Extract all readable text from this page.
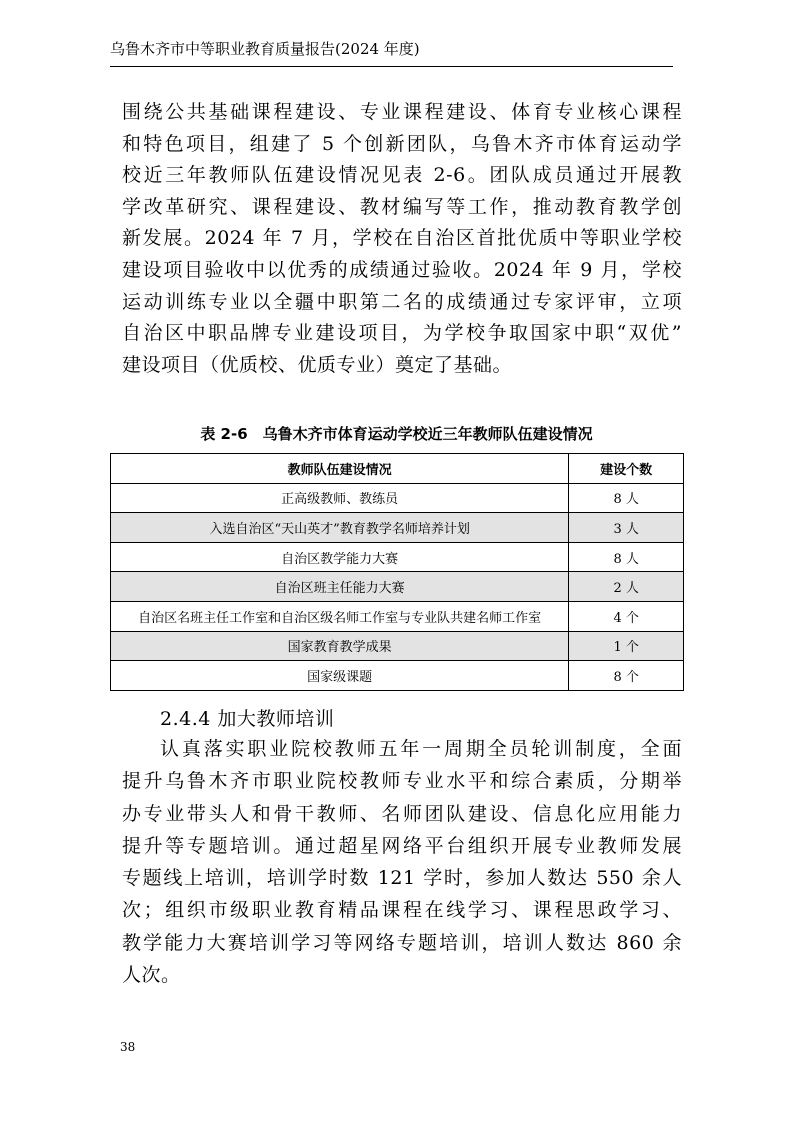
乌鲁木齐市中等职业教育质量报告(2024 年度)
围绕公共基础课程建设、专业课程建设、体育专业核心课程
和特色项目，组建了 5 个创新团队，乌鲁木齐市体育运动学
校近三年教师队伍建设情况见表 2-6。团队成员通过开展教
学改革研究、课程建设、教材编写等工作，推动教育教学创
新发展。2024 年 7 月，学校在自治区首批优质中等职业学校
建设项目验收中以优秀的成绩通过验收。2024 年 9 月，学校
运动训练专业以全疆中职第二名的成绩通过专家评审，立项
自治区中职品牌专业建设项目，为学校争取国家中职“双优”
建设项目（优质校、优质专业）奠定了基础。
表 2-6　乌鲁木齐市体育运动学校近三年教师队伍建设情况
教师队伍建设情况	建设个数
正高级教师、教练员	8 人
入选自治区“天山英才”教育教学名师培养计划	3 人
自治区教学能力大赛	8 人
自治区班主任能力大赛	2 人
自治区名班主任工作室和自治区级名师工作室与专业队共建名师工作室	4 个
国家教育教学成果	1 个
国家级课题	8 个
2.4.4 加大教师培训
认真落实职业院校教师五年一周期全员轮训制度，全面
提升乌鲁木齐市职业院校教师专业水平和综合素质，分期举
办专业带头人和骨干教师、名师团队建设、信息化应用能力
提升等专题培训。通过超星网络平台组织开展专业教师发展
专题线上培训，培训学时数 121 学时，参加人数达 550 余人
次；组织市级职业教育精品课程在线学习、课程思政学习、
教学能力大赛培训学习等网络专题培训，培训人数达 860 余
人次。
38
